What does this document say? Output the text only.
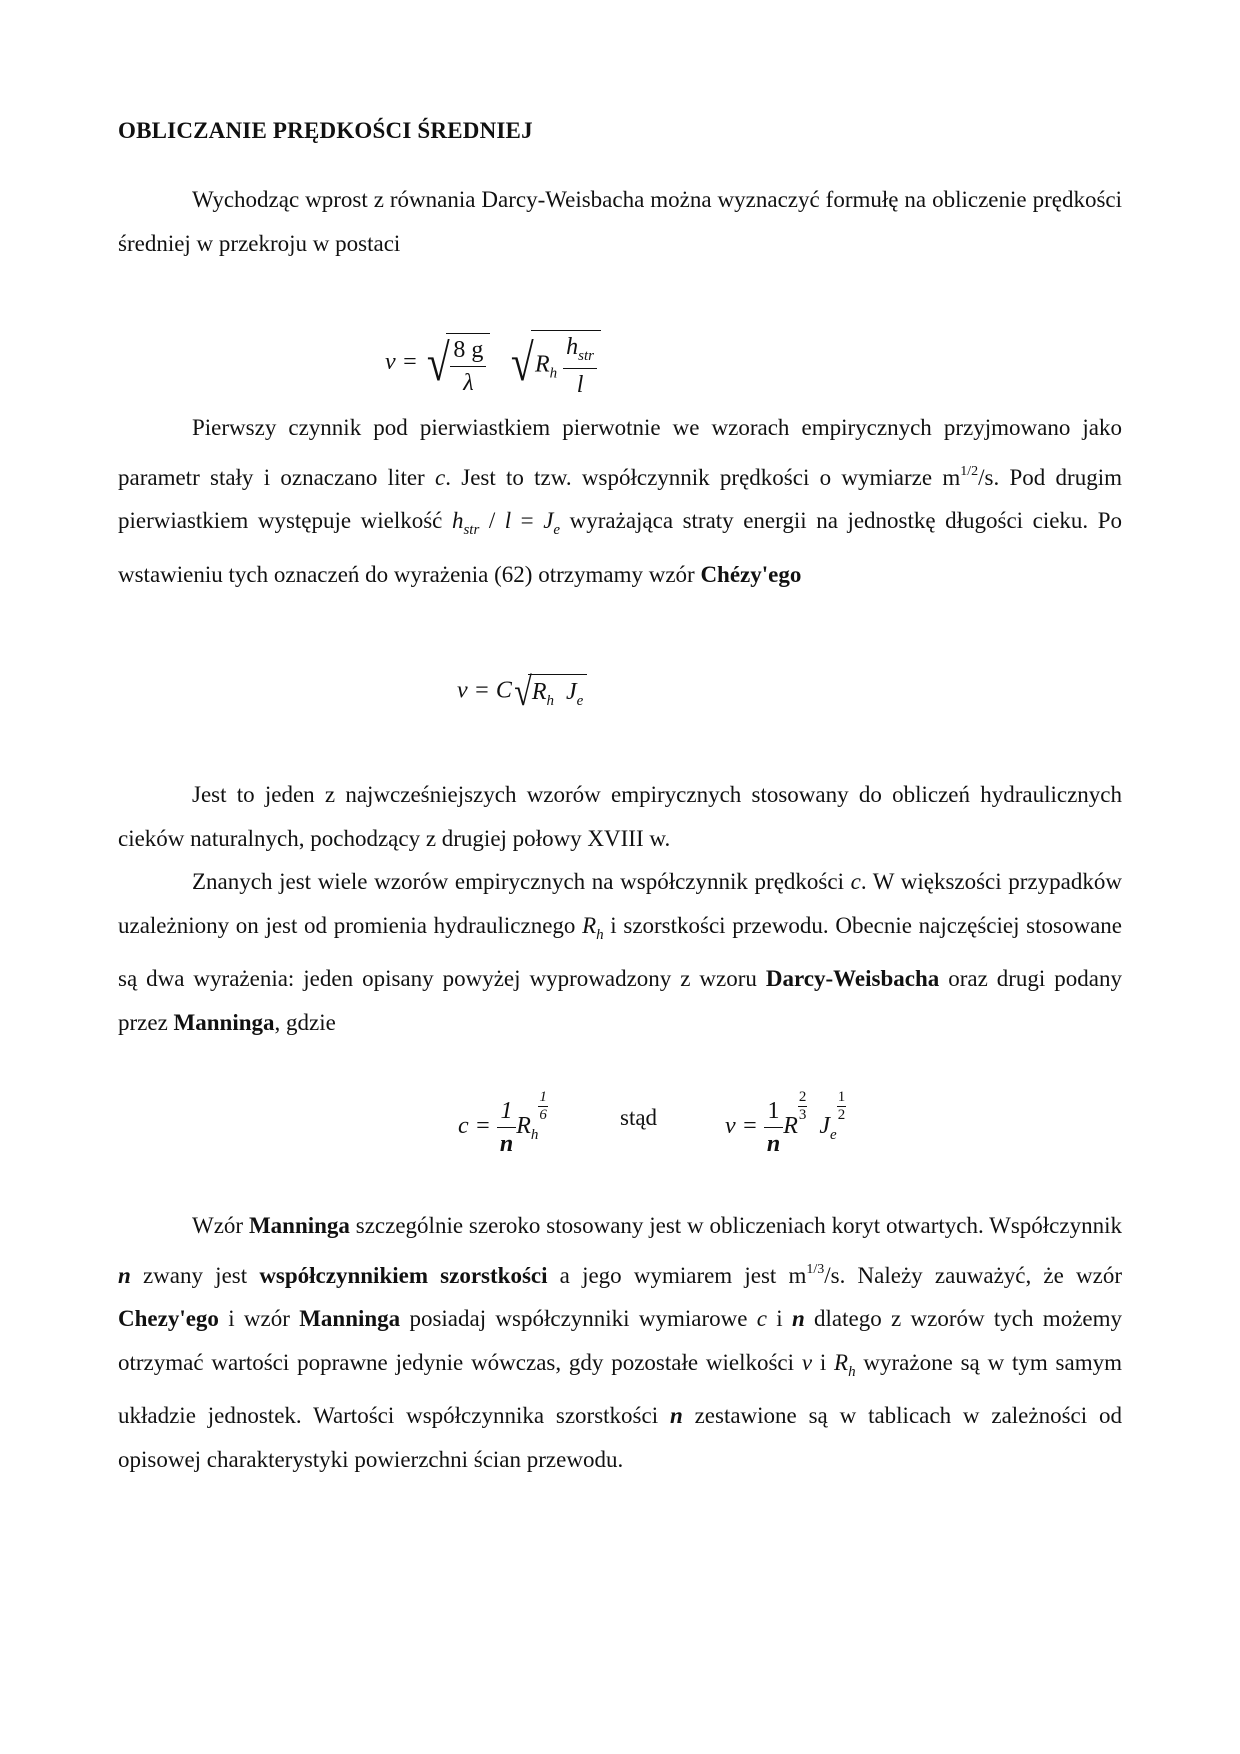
OBLICZANIE PRĘDKOŚCI ŚREDNIEJ

Wychodząc wprost z równania Darcy-Weisbacha można wyznaczyć formułę na obliczenie prędkości średniej w przekroju w postaci

v = √ $\frac{8 g}{\lambda} √R_h \frac{h_{str}}{l}$

Pierwszy czynnik pod pierwiastkiem pierwotnie we wzorach empirycznych przyjmowano jako parametr stały i oznaczano liter c. Jest to tzw. współczynnik prędkości o wymiarze $m^{1/2}/s$. Pod drugim pierwiastkiem występuje wielkość $h_{str} / l = J_e$ wyrażająca straty energii na jednostkę długości cieku. Po wstawieniu tych oznaczeń do wyrażenia (62) otrzymamy wzór Chézy'ego

$v = C√R_h$ $J_e$

Jest to jeden z najwcześniejszych wzorów empirycznych stosowany do obliczeń hydraulicznych cieków naturalnych, pochodzący z drugiej połowy XVIII w.

Znanych jest wiele wzorów empirycznych na współczynnik prędkości c. W większości przypadków uzależniony on jest od promienia hydraulicznego $R_h$ i szorstkości przewodu. Obecnie najczęściej stosowane są dwa wyrażenia: jeden opisany powyżej wyprowadzony z wzoru Darcy-Weisbacha oraz drugi podany przez Manninga, gdzie

$c = \frac{1}{n} R_h$
$\frac{1}{6}$	stąd	$v = \frac{1}{n}$ R
$\frac{2}{3}$
$J_e$
$\frac{1}{2}$

Wzór Manninga szczególnie szeroko stosowany jest w obliczeniach koryt otwartych. Współczynnik n zwany jest współczynnikiem szorstkości a jego wymiarem jest $m^{1/3}/s$. Należy zauważyć, że wzór Chezy'ego i wzór Manninga posiadaj współczynniki wymiarowe c i n dlatego z wzorów tych możemy otrzymać wartości poprawne jedynie wówczas, gdy pozostałe wielkości v i $R_h$ wyrażone są w tym samym układzie jednostek. Wartości współczynnika szorstkości n zestawione są w tablicach w zależności od opisowej charakterystyki powierzchni ścian przewodu.
